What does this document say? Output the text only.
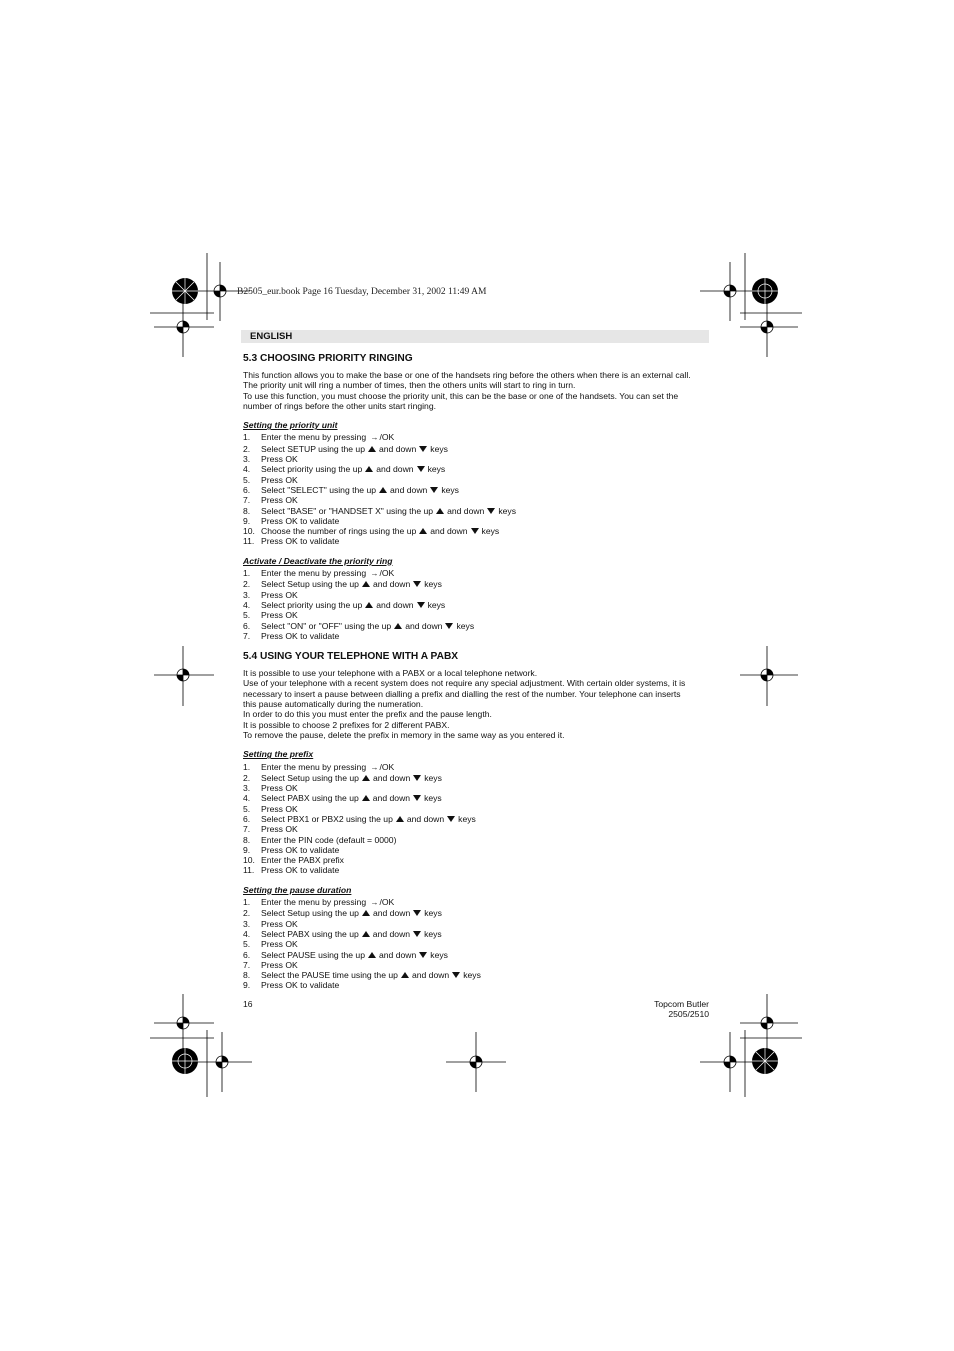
B2505_eur.book Page 16 Tuesday, December 31, 2002 11:49 AM
ENGLISH
5.3 CHOOSING PRIORITY RINGING

This function allows you to make the base or one of the handsets ring before the others when there is an external call.

The priority unit will ring a number of times, then the others units will start to ring in turn.

To use this function, you must choose the priority unit, this can be the base or one of the handsets. You can set the

number of rings before the other units start ringing.

Setting the priority unit
1. Enter the menu by pressing →/OK
2. Select SETUP using the up and down keys
3. Press OK
4. Select priority using the up and down keys
5. Press OK
6. Select "SELECT" using the up and down keys
7. Press OK
8. Select "BASE" or "HANDSET X" using the up and down keys
9. Press OK to validate
10. Choose the number of rings using the up and down keys
11. Press OK to validate
Activate / Deactivate the priority ring
1. Enter the menu by pressing →/OK
2. Select Setup using the up and down keys
3. Press OK
4. Select priority using the up and down keys
5. Press OK
6. Select "ON" or "OFF" using the up and down keys
7. Press OK to validate
5.4 USING YOUR TELEPHONE WITH A PABX

It is possible to use your telephone with a PABX or a local telephone network.

Use of your telephone with a recent system does not require any special adjustment. With certain older systems, it is

necessary to insert a pause between dialling a prefix and dialling the rest of the number. Your telephone can inserts

this pause automatically during the numeration.

In order to do this you must enter the prefix and the pause length.

It is possible to choose 2 prefixes for 2 different PABX.

To remove the pause, delete the prefix in memory in the same way as you entered it.

Setting the prefix
1. Enter the menu by pressing →/OK
2. Select Setup using the up and down keys
3. Press OK
4. Select PABX using the up and down keys
5. Press OK
6. Select PBX1 or PBX2 using the up and down keys
7. Press OK
8. Enter the PIN code (default = 0000)
9. Press OK to validate
10. Enter the PABX prefix
11. Press OK to validate
Setting the pause duration
1. Enter the menu by pressing →/OK
2. Select Setup using the up and down keys
3. Press OK
4. Select PABX using the up and down keys
5. Press OK
6. Select PAUSE using the up and down keys
7. Press OK
8. Select the PAUSE time using the up and down keys
9. Press OK to validate
16	Topcom Butler 2505/2510
